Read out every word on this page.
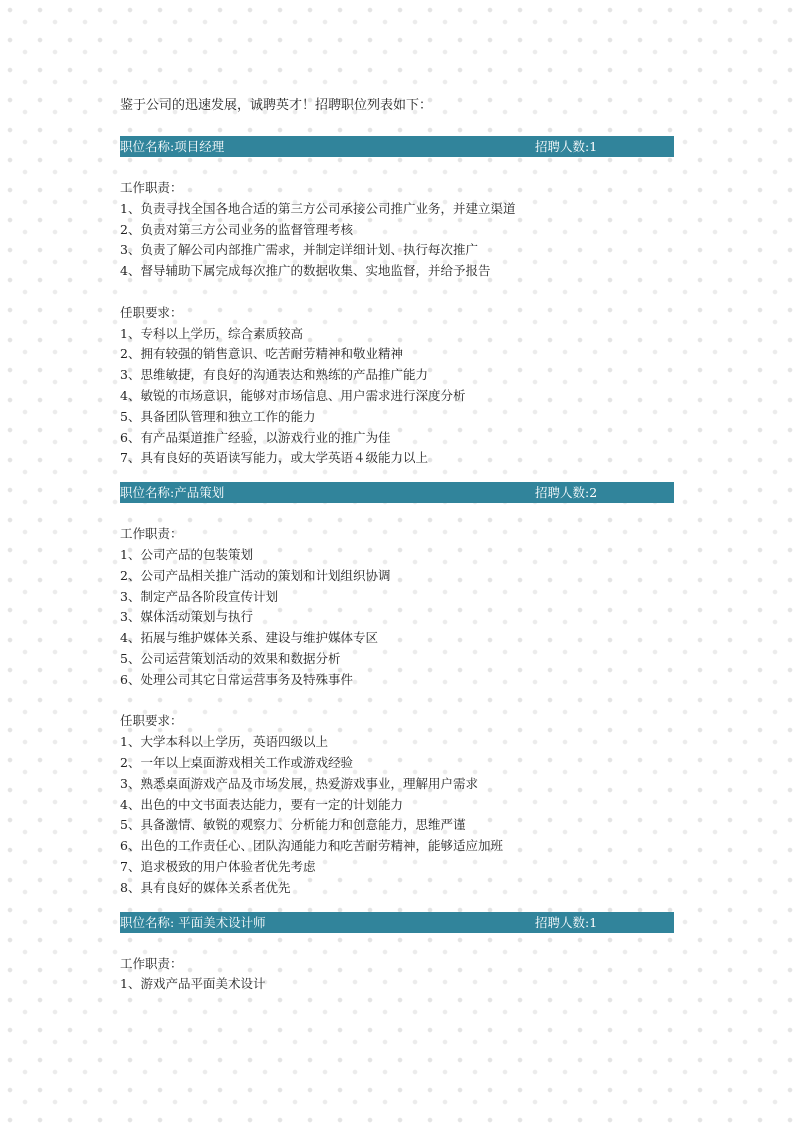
鉴于公司的迅速发展，诚聘英才！招聘职位列表如下：
职位名称:项目经理	招聘人数:1
工作职责：
1、负责寻找全国各地合适的第三方公司承接公司推广业务，并建立渠道
2、负责对第三方公司业务的监督管理考核
3、负责了解公司内部推广需求，并制定详细计划、执行每次推广
4、督导辅助下属完成每次推广的数据收集、实地监督，并给予报告
任职要求：
1、专科以上学历，综合素质较高
2、拥有较强的销售意识、吃苦耐劳精神和敬业精神
3、思维敏捷，有良好的沟通表达和熟练的产品推广能力
4、敏锐的市场意识，能够对市场信息、用户需求进行深度分析
5、具备团队管理和独立工作的能力
6、有产品渠道推广经验，以游戏行业的推广为佳
7、具有良好的英语读写能力，或大学英语４级能力以上
职位名称:产品策划	招聘人数:2
工作职责：
1、公司产品的包装策划
2、公司产品相关推广活动的策划和计划组织协调
3、制定产品各阶段宣传计划
3、媒体活动策划与执行
4、拓展与维护媒体关系、建设与维护媒体专区
5、公司运营策划活动的效果和数据分析
6、处理公司其它日常运营事务及特殊事件
任职要求：
1、大学本科以上学历，英语四级以上
2、一年以上桌面游戏相关工作或游戏经验
3、熟悉桌面游戏产品及市场发展，热爱游戏事业，理解用户需求
4、出色的中文书面表达能力，要有一定的计划能力
5、具备激情、敏锐的观察力、分析能力和创意能力，思维严谨
6、出色的工作责任心、团队沟通能力和吃苦耐劳精神，能够适应加班
7、追求极致的用户体验者优先考虑
8、具有良好的媒体关系者优先
职位名称: 平面美术设计师	招聘人数:1
工作职责：
1、游戏产品平面美术设计
